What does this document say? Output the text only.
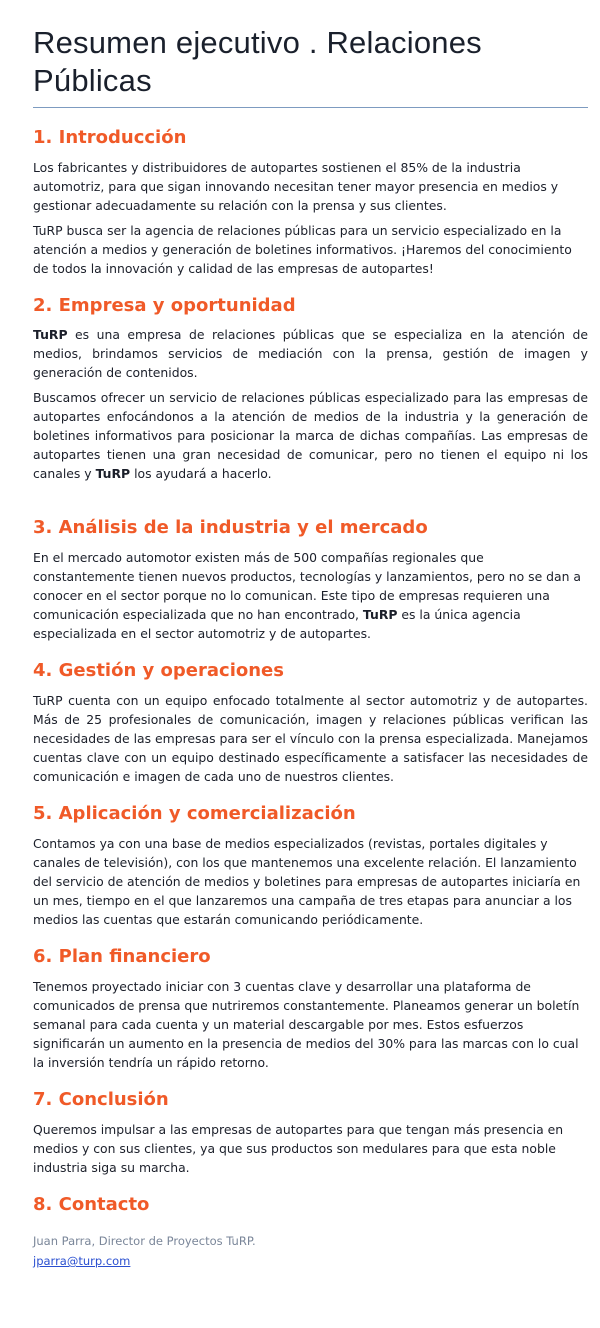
Resumen ejecutivo . Relaciones Públicas
1. Introducción

Los fabricantes y distribuidores de autopartes sostienen el 85% de la industria automotriz, para que sigan innovando necesitan tener mayor presencia en medios y gestionar adecuadamente su relación con la prensa y sus clientes.

TuRP busca ser la agencia de relaciones públicas para un servicio especializado en la atención a medios y generación de boletines informativos. ¡Haremos del conocimiento de todos la innovación y calidad de las empresas de autopartes!

2. Empresa y oportunidad

TuRP es una empresa de relaciones públicas que se especializa en la atención de medios, brindamos servicios de mediación con la prensa, gestión de imagen y generación de contenidos.

Buscamos ofrecer un servicio de relaciones públicas especializado para las empresas de autopartes enfocándonos a la atención de medios de la industria y la generación de boletines informativos para posicionar la marca de dichas compañías. Las empresas de autopartes tienen una gran necesidad de comunicar, pero no tienen el equipo ni los canales y TuRP los ayudará a hacerlo.

3. Análisis de la industria y el mercado

En el mercado automotor existen más de 500 compañías regionales que constantemente tienen nuevos productos, tecnologías y lanzamientos, pero no se dan a conocer en el sector porque no lo comunican. Este tipo de empresas requieren una comunicación especializada que no han encontrado, TuRP es la única agencia especializada en el sector automotriz y de autopartes.

4. Gestión y operaciones

TuRP cuenta con un equipo enfocado totalmente al sector automotriz y de autopartes. Más de 25 profesionales de comunicación, imagen y relaciones públicas verifican las necesidades de las empresas para ser el vínculo con la prensa especializada. Manejamos cuentas clave con un equipo destinado específicamente a satisfacer las necesidades de comunicación e imagen de cada uno de nuestros clientes.

5. Aplicación y comercialización

Contamos ya con una base de medios especializados (revistas, portales digitales y canales de televisión), con los que mantenemos una excelente relación. El lanzamiento del servicio de atención de medios y boletines para empresas de autopartes iniciaría en un mes, tiempo en el que lanzaremos una campaña de tres etapas para anunciar a los medios las cuentas que estarán comunicando periódicamente.

6. Plan financiero

Tenemos proyectado iniciar con 3 cuentas clave y desarrollar una plataforma de comunicados de prensa que nutriremos constantemente. Planeamos generar un boletín semanal para cada cuenta y un material descargable por mes. Estos esfuerzos significarán un aumento en la presencia de medios del 30% para las marcas con lo cual la inversión tendría un rápido retorno.

7. Conclusión

Queremos impulsar a las empresas de autopartes para que tengan más presencia en medios y con sus clientes, ya que sus productos son medulares para que esta noble industria siga su marcha.

8. Contacto
Juan Parra, Director de Proyectos TuRP.
jparra@turp.com
